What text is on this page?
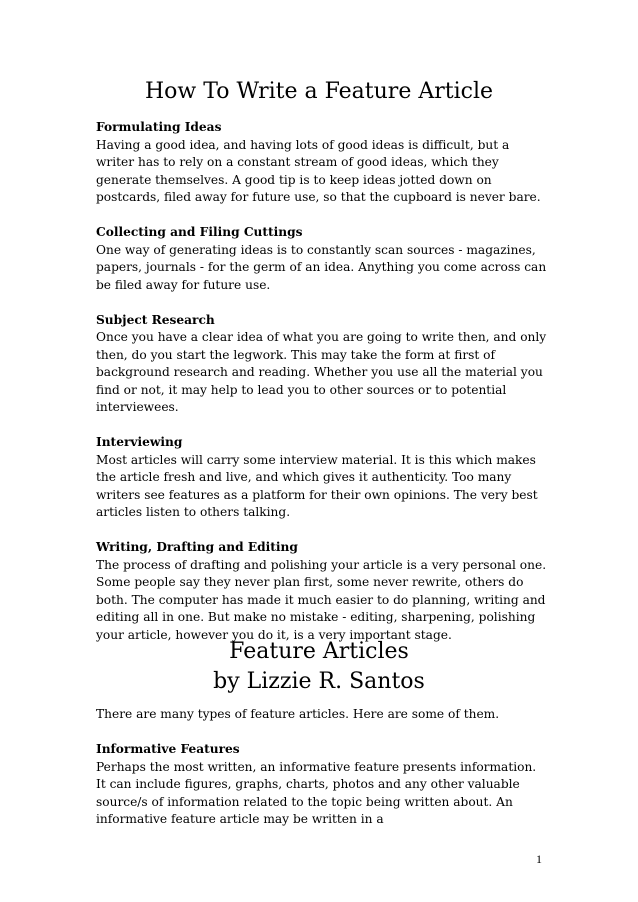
How To Write a Feature Article
Formulating Ideas
Having a good idea, and having lots of good ideas is difficult, but a writer has to rely on a constant stream of good ideas, which they generate themselves. A good tip is to keep ideas jotted down on postcards, filed away for future use, so that the cupboard is never bare.
Collecting and Filing Cuttings
One way of generating ideas is to constantly scan sources - magazines, papers, journals - for the germ of an idea. Anything you come across can be filed away for future use.
Subject Research
Once you have a clear idea of what you are going to write then, and only then, do you start the legwork. This may take the form at first of background research and reading. Whether you use all the material you find or not, it may help to lead you to other sources or to potential interviewees.
Interviewing
Most articles will carry some interview material. It is this which makes the article fresh and live, and which gives it authenticity. Too many writers see features as a platform for their own opinions. The very best articles listen to others talking.
Writing, Drafting and Editing
The process of drafting and polishing your article is a very personal one. Some people say they never plan first, some never rewrite, others do both. The computer has made it much easier to do planning, writing and editing all in one. But make no mistake - editing, sharpening, polishing your article, however you do it, is a very important stage.
Feature Articles
by Lizzie R. Santos
There are many types of feature articles. Here are some of them.
Informative Features
Perhaps the most written, an informative feature presents information. It can include figures, graphs, charts, photos and any other valuable source/s of information related to the topic being written about. An informative feature article may be written in a
1
